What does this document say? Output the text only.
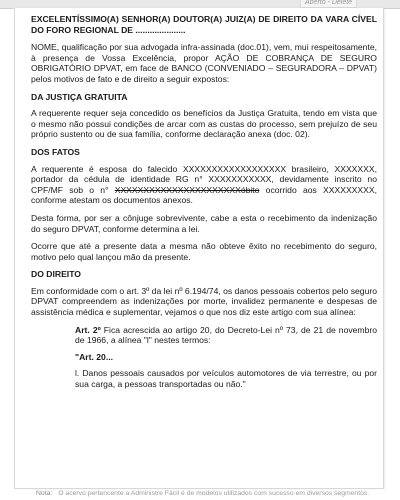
Aberto - Delete

EXCELENTÍSSIMO(A) SENHOR(A) DOUTOR(A) JUIZ(A) DE DIREITO DA VARA CÍVEL DO FORO REGIONAL DE .....................

NOME, qualificação por sua advogada infra-assinada (doc.01), vem, mui respeitosamente, à presença de Vossa Excelência, propor AÇÃO DE COBRANÇA DE SEGURO OBRIGATÓRIO DPVAT, em face de BANCO (CONVENIADO – SEGURADORA – DPVAT) pelos motivos de fato e de direito a seguir expostos:

DA JUSTIÇA GRATUITA

A requerente requer seja concedido os benefícios da Justiça Gratuita, tendo em vista que o mesmo não possui condições de arcar com as custas do processo, sem prejuízo de seu próprio sustento ou de sua família, conforme declaração anexa (doc. 02).

DOS FATOS

A requerente é esposa do falecido XXXXXXXXXXXXXXXXXX brasileiro, XXXXXXX, portador da cédula de identidade RG n° XXXXXXXXXXX, devidamente inscrito no CPF/MF sob o n° XXXXXXXXXXXXXXXXXXXXXXóbito ocorrido aos XXXXXXXXX, conforme atestam os documentos anexos.

Desta forma, por ser a cônjuge sobrevivente, cabe a esta o recebimento da indenização do seguro DPVAT, conforme determina a lei.

Ocorre que até a presente data a mesma não obteve êxito no recebimento do seguro, motivo pelo qual lançou mão da presente.

DO DIREITO

Em conformidade com o art. 3º da lei nº 6.194/74, os danos pessoais cobertos pelo seguro DPVAT compreendem as indenizações por morte, invalidez permanente e despesas de assistência médica e suplementar, vejamos o que nos diz este artigo com sua alínea:

Art. 2º Fica acrescida ao artigo 20, do Decreto-Lei nº 73, de 21 de novembro de 1966, a alínea "l" nestes termos:

"Art. 20...

l. Danos pessoais causados por veículos automotores de via terrestre, ou por sua carga, a pessoas transportadas ou não."

Nota: O acervo pertencente a Administre Fácil é de modelos utilizados com sucesso em diversos segmentos.
